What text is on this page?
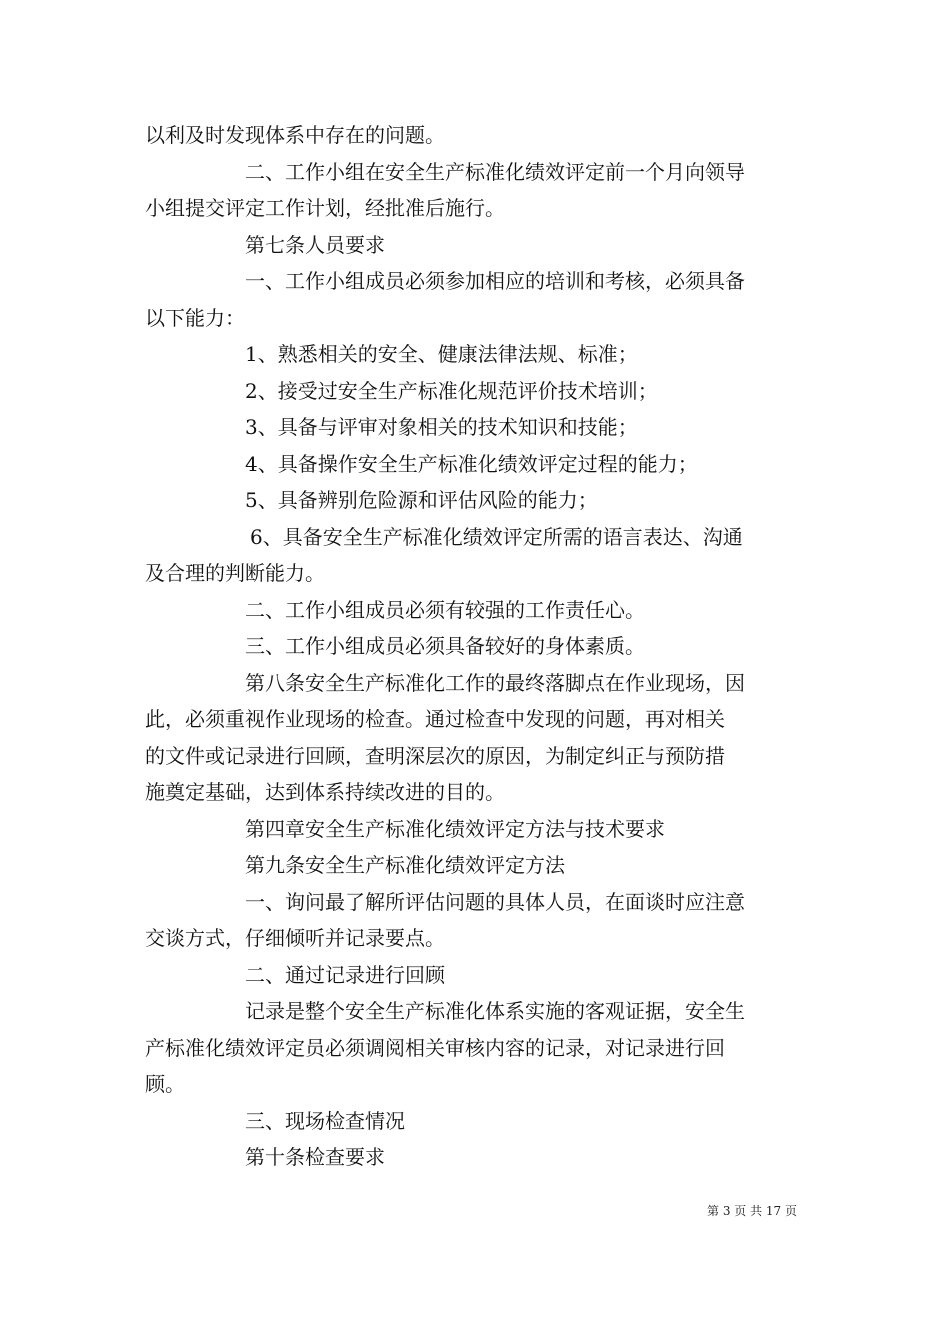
以利及时发现体系中存在的问题。
二、工作小组在安全生产标准化绩效评定前一个月向领导
小组提交评定工作计划，经批准后施行。
第七条人员要求
一、工作小组成员必须参加相应的培训和考核，必须具备
以下能力：
1、熟悉相关的安全、健康法律法规、标准；
2、接受过安全生产标准化规范评价技术培训；
3、具备与评审对象相关的技术知识和技能；
4、具备操作安全生产标准化绩效评定过程的能力；
5、具备辨别危险源和评估风险的能力；
6、具备安全生产标准化绩效评定所需的语言表达、沟通
及合理的判断能力。
二、工作小组成员必须有较强的工作责任心。
三、工作小组成员必须具备较好的身体素质。
第八条安全生产标准化工作的最终落脚点在作业现场，因
此，必须重视作业现场的检查。通过检查中发现的问题，再对相关
的文件或记录进行回顾，查明深层次的原因，为制定纠正与预防措
施奠定基础，达到体系持续改进的目的。
第四章安全生产标准化绩效评定方法与技术要求
第九条安全生产标准化绩效评定方法
一、询问最了解所评估问题的具体人员，在面谈时应注意
交谈方式，仔细倾听并记录要点。
二、通过记录进行回顾
记录是整个安全生产标准化体系实施的客观证据，安全生
产标准化绩效评定员必须调阅相关审核内容的记录，对记录进行回
顾。
三、现场检查情况
第十条检查要求
第 3 页 共 17 页
